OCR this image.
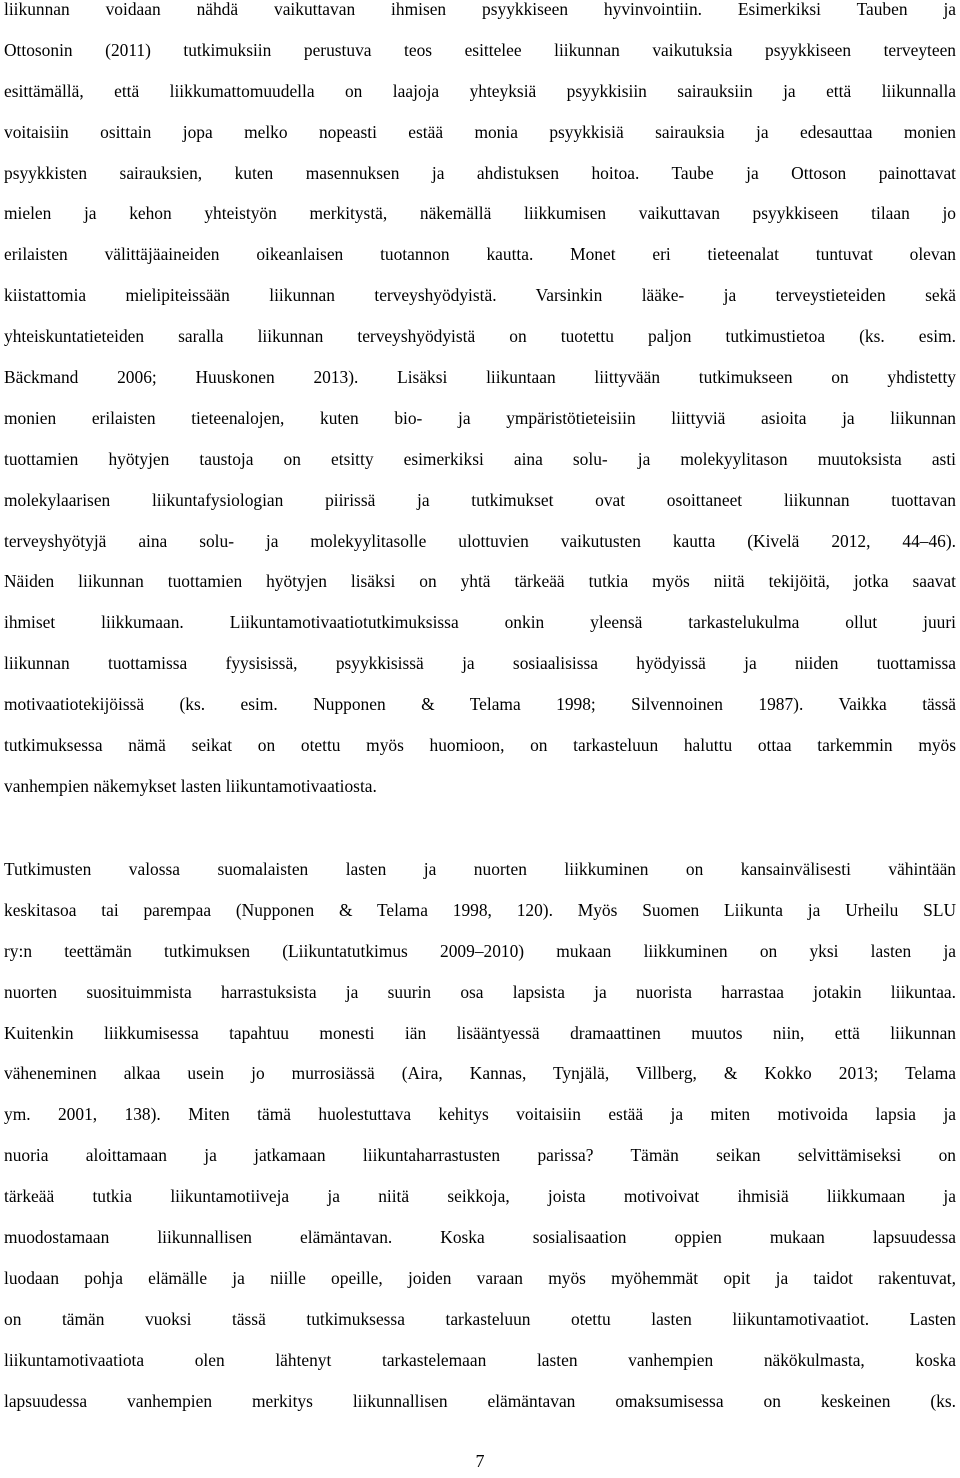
liikunnan voidaan nähdä vaikuttavan ihmisen psyykkiseen hyvinvointiin. Esimerkiksi Tauben ja
Ottosonin (2011) tutkimuksiin perustuva teos esittelee liikunnan vaikutuksia psyykkiseen terveyteen
esittämällä, että liikkumattomuudella on laajoja yhteyksiä psyykkisiin sairauksiin ja että liikunnalla
voitaisiin osittain jopa melko nopeasti estää monia psyykkisiä sairauksia ja edesauttaa monien
psyykkisten sairauksien, kuten masennuksen ja ahdistuksen hoitoa. Taube ja Ottoson painottavat
mielen ja kehon yhteistyön merkitystä, näkemällä liikkumisen vaikuttavan psyykkiseen tilaan jo
erilaisten välittäjäaineiden oikeanlaisen tuotannon kautta. Monet eri tieteenalat tuntuvat olevan
kiistattomia mielipiteissään liikunnan terveyshyödyistä. Varsinkin lääke- ja terveystieteiden sekä
yhteiskuntatieteiden saralla liikunnan terveyshyödyistä on tuotettu paljon tutkimustietoa (ks. esim.
Bäckmand 2006; Huuskonen 2013). Lisäksi liikuntaan liittyvään tutkimukseen on yhdistetty
monien erilaisten tieteenalojen, kuten bio- ja ympäristötieteisiin liittyviä asioita ja liikunnan
tuottamien hyötyjen taustoja on etsitty esimerkiksi aina solu- ja molekyylitason muutoksista asti
molekylaarisen liikuntafysiologian piirissä ja tutkimukset ovat osoittaneet liikunnan tuottavan
terveyshyötyjä aina solu- ja molekyylitasolle ulottuvien vaikutusten kautta (Kivelä 2012, 44–46).
Näiden liikunnan tuottamien hyötyjen lisäksi on yhtä tärkeää tutkia myös niitä tekijöitä, jotka saavat
ihmiset liikkumaan. Liikuntamotivaatiotutkimuksissa onkin yleensä tarkastelukulma ollut juuri
liikunnan tuottamissa fyysisissä, psyykkisissä ja sosiaalisissa hyödyissä ja niiden tuottamissa
motivaatiotekijöissä (ks. esim. Nupponen & Telama 1998; Silvennoinen 1987). Vaikka tässä
tutkimuksessa nämä seikat on otettu myös huomioon, on tarkasteluun haluttu ottaa tarkemmin myös
vanhempien näkemykset lasten liikuntamotivaatiosta.
Tutkimusten valossa suomalaisten lasten ja nuorten liikkuminen on kansainvälisesti vähintään
keskitasoa tai parempaa (Nupponen & Telama 1998, 120). Myös Suomen Liikunta ja Urheilu SLU
ry:n teettämän tutkimuksen (Liikuntatutkimus 2009–2010) mukaan liikkuminen on yksi lasten ja
nuorten suosituimmista harrastuksista ja suurin osa lapsista ja nuorista harrastaa jotakin liikuntaa.
Kuitenkin liikkumisessa tapahtuu monesti iän lisääntyessä dramaattinen muutos niin, että liikunnan
väheneminen alkaa usein jo murrosiässä (Aira, Kannas, Tynjälä, Villberg, & Kokko 2013; Telama
ym. 2001, 138). Miten tämä huolestuttava kehitys voitaisiin estää ja miten motivoida lapsia ja
nuoria aloittamaan ja jatkamaan liikuntaharrastusten parissa? Tämän seikan selvittämiseksi on
tärkeää tutkia liikuntamotiiveja ja niitä seikkoja, joista motivoivat ihmisiä liikkumaan ja
muodostamaan liikunnallisen elämäntavan. Koska sosialisaation oppien mukaan lapsuudessa
luodaan pohja elämälle ja niille opeille, joiden varaan myös myöhemmät opit ja taidot rakentuvat,
on tämän vuoksi tässä tutkimuksessa tarkasteluun otettu lasten liikuntamotivaatiot. Lasten
liikuntamotivaatiota olen lähtenyt tarkastelemaan lasten vanhempien näkökulmasta, koska
lapsuudessa vanhempien merkitys liikunnallisen elämäntavan omaksumisessa on keskeinen (ks.
7
